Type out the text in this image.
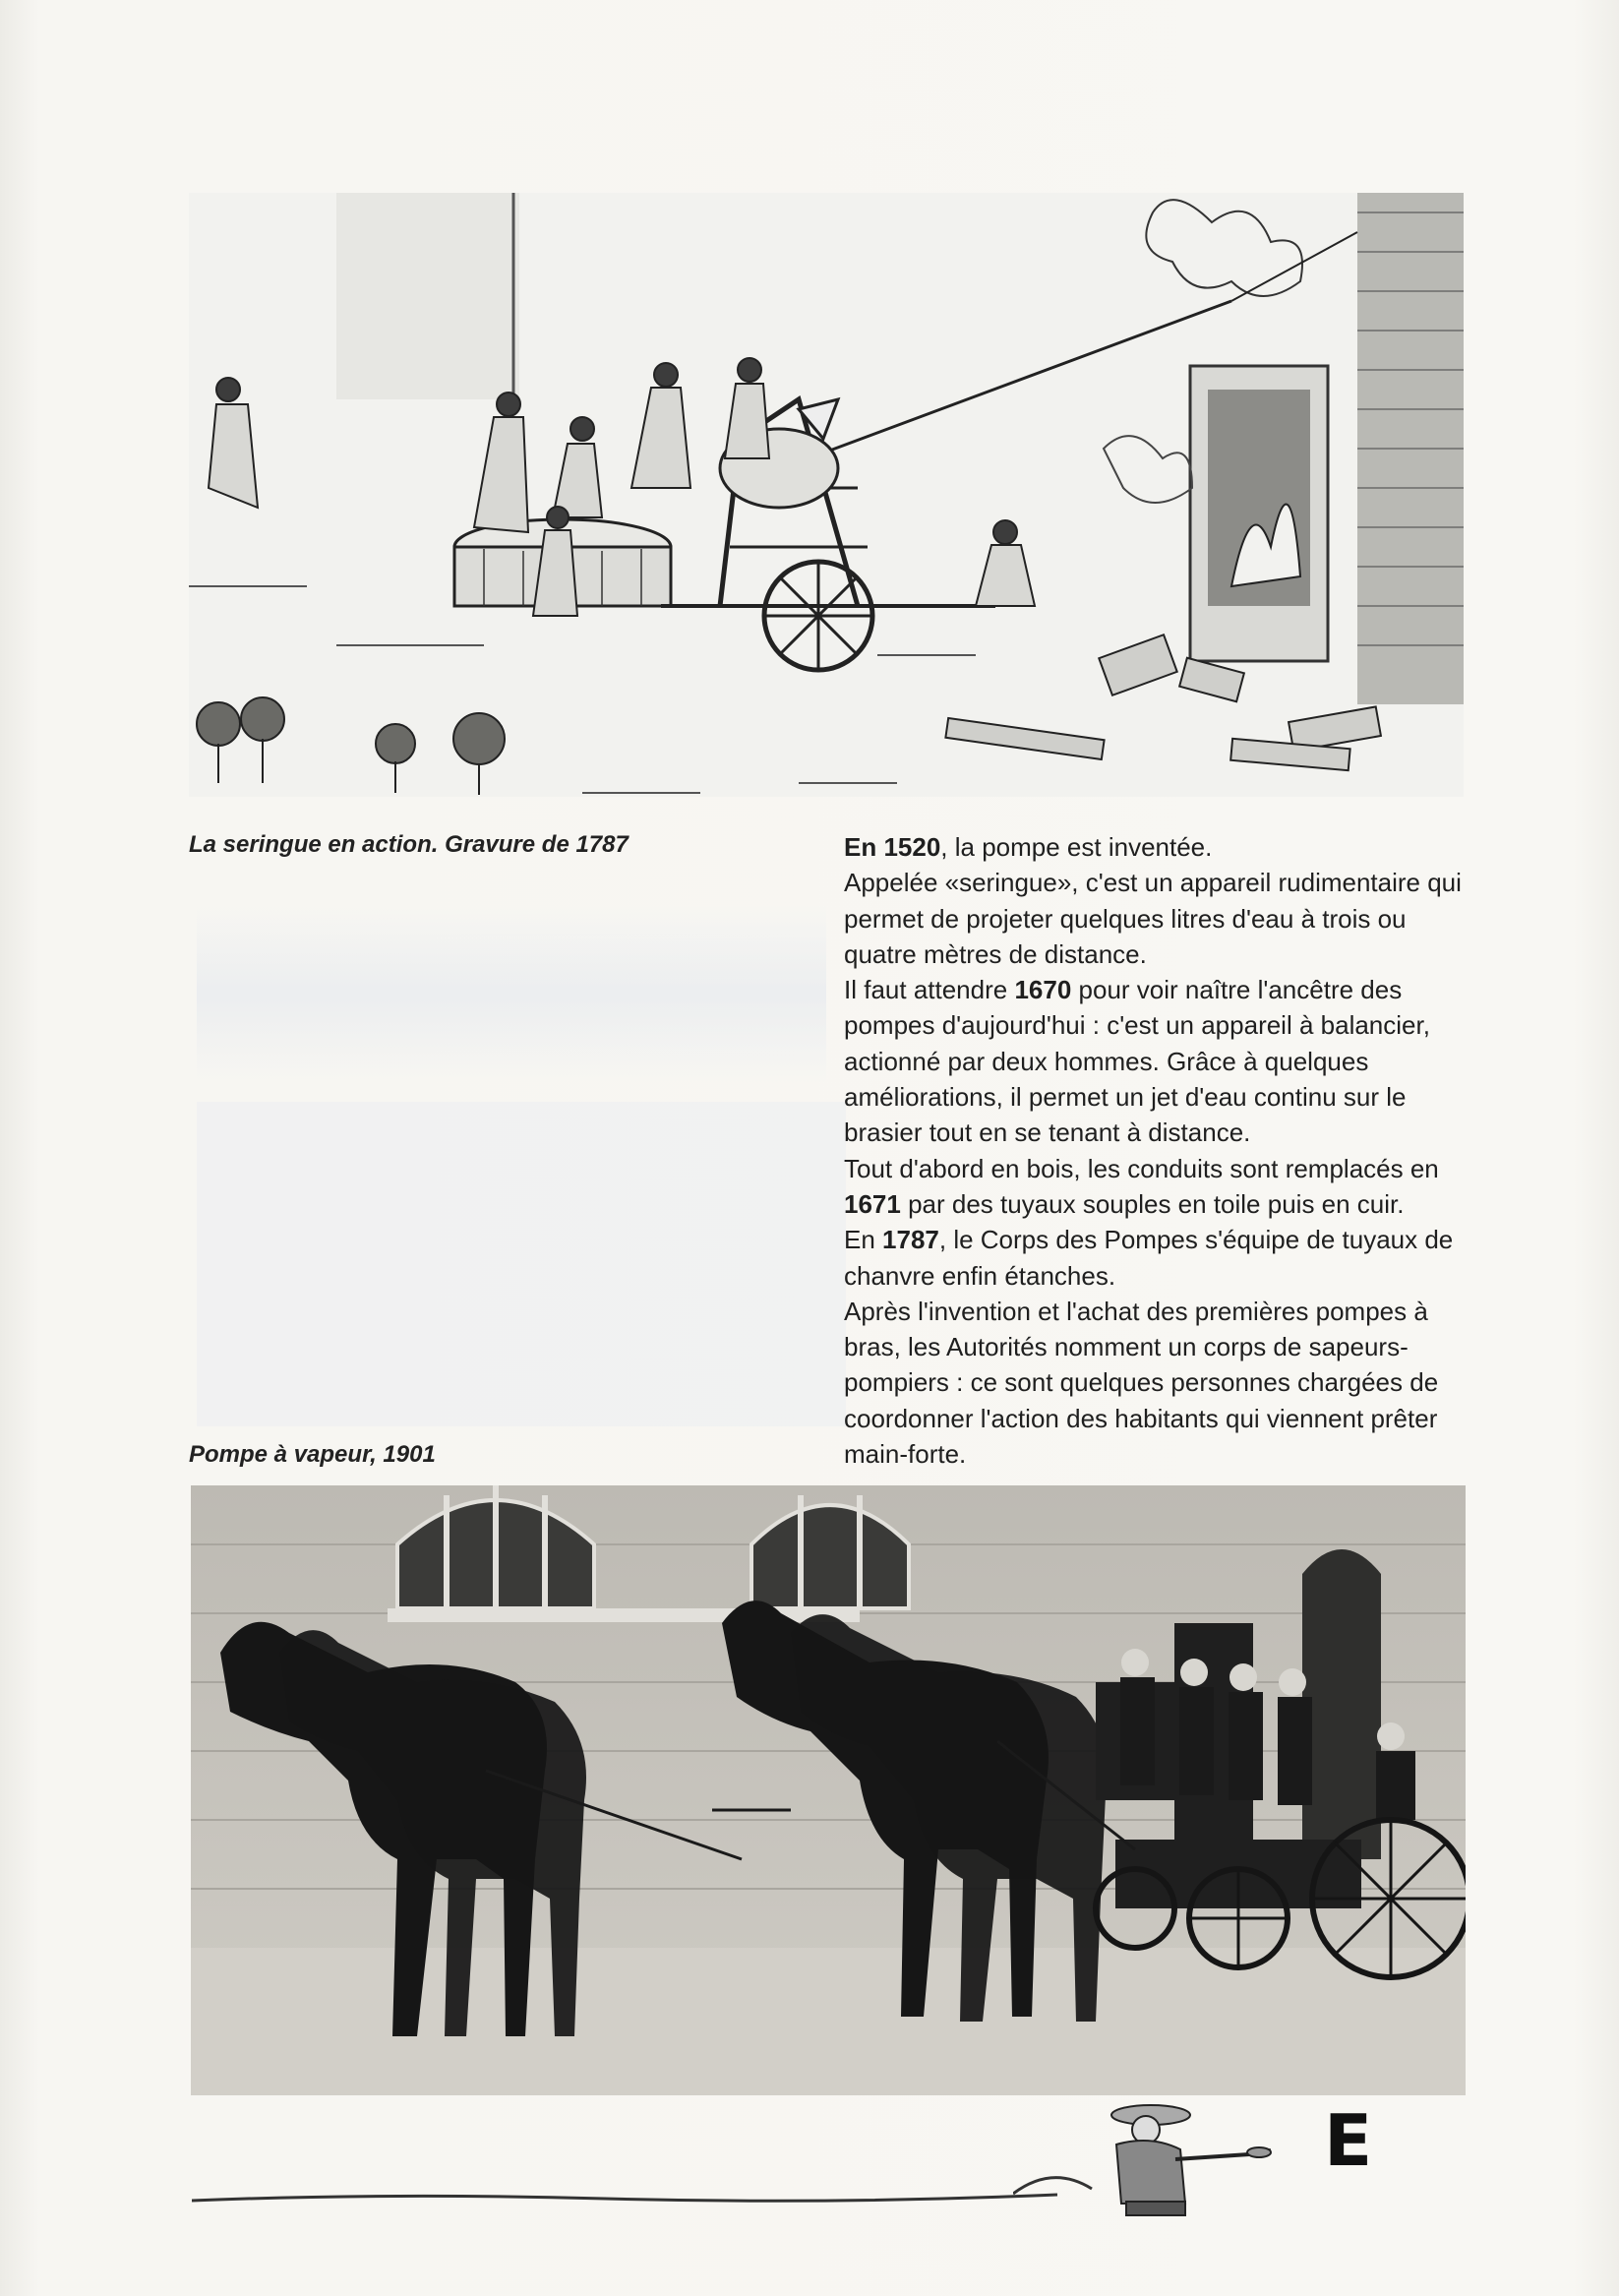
La seringue en action. Gravure de 1787	En 1520, la pompe est inventée.

Appelée «seringue», c'est un appareil rudimentaire qui permet de projeter quelques litres d'eau à trois ou quatre mètres de distance.

Il faut attendre 1670 pour voir naître l'ancêtre des pompes d'aujourd'hui : c'est un appareil à balancier, actionné par deux hommes. Grâce à quelques améliorations, il permet un jet d'eau continu sur le brasier tout en se tenant à distance.

Tout d'abord en bois, les conduits sont remplacés en 1671 par des tuyaux souples en toile puis en cuir.

En 1787, le Corps des Pompes s'équipe de tuyaux de chanvre enfin étanches.

Après l'invention et l'achat des premières pompes à bras, les Autorités nomment un corps de sapeurs-pompiers : ce sont quelques personnes chargées de coordonner l'action des habitants qui viennent prêter main-forte.

Pompe à vapeur, 1901
E
